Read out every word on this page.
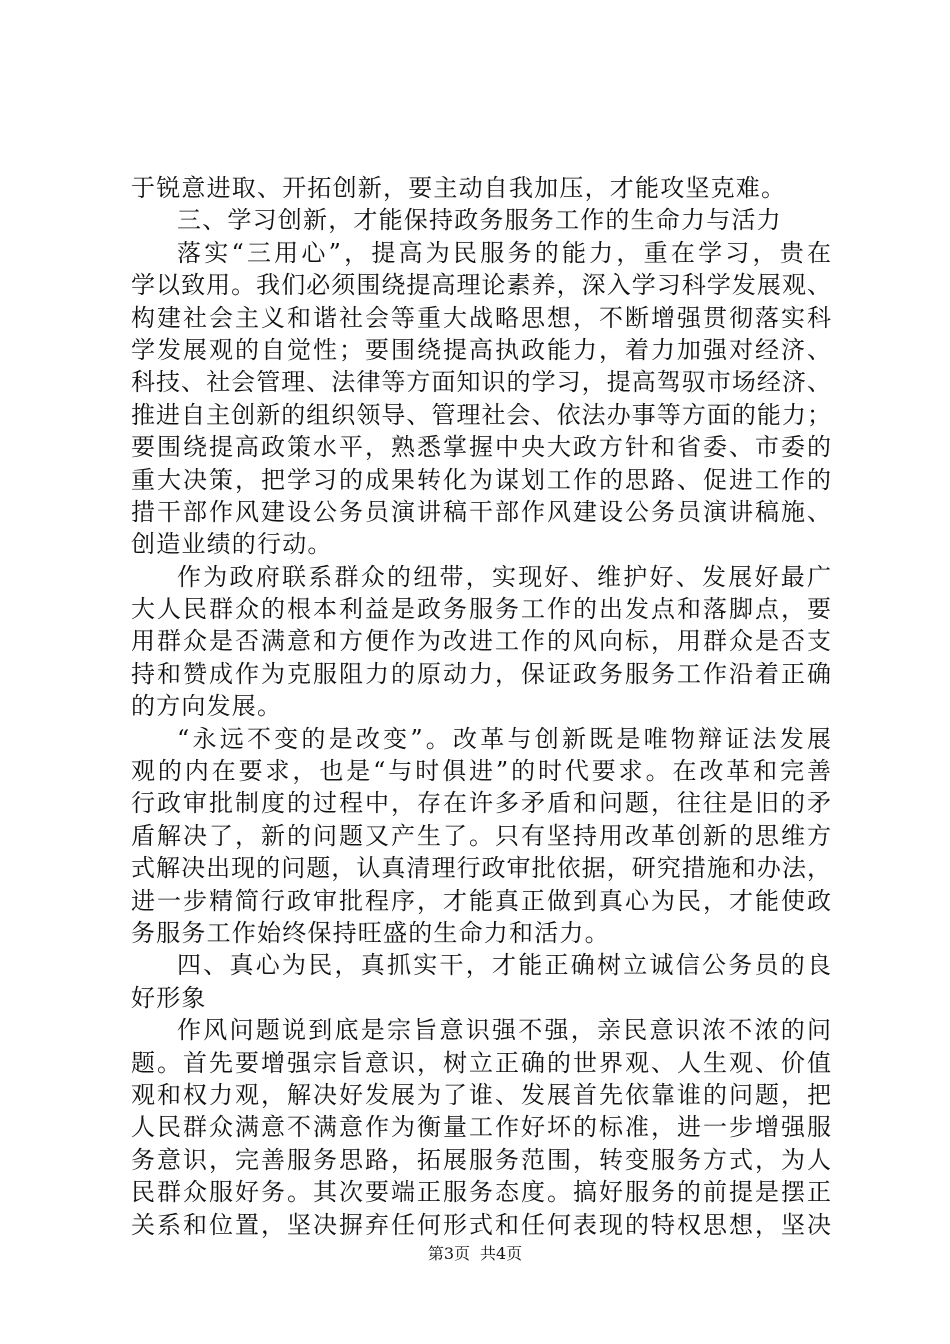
于锐意进取、开拓创新，要主动自我加压，才能攻坚克难。
三、学习创新，才能保持政务服务工作的生命力与活力
落实“三用心”，提高为民服务的能力，重在学习，贵在
学以致用。我们必须围绕提高理论素养，深入学习科学发展观、
构建社会主义和谐社会等重大战略思想，不断增强贯彻落实科
学发展观的自觉性；要围绕提高执政能力，着力加强对经济、
科技、社会管理、法律等方面知识的学习，提高驾驭市场经济、
推进自主创新的组织领导、管理社会、依法办事等方面的能力；
要围绕提高政策水平，熟悉掌握中央大政方针和省委、市委的
重大决策，把学习的成果转化为谋划工作的思路、促进工作的
措干部作风建设公务员演讲稿干部作风建设公务员演讲稿施、
创造业绩的行动。
作为政府联系群众的纽带，实现好、维护好、发展好最广
大人民群众的根本利益是政务服务工作的出发点和落脚点，要
用群众是否满意和方便作为改进工作的风向标，用群众是否支
持和赞成作为克服阻力的原动力，保证政务服务工作沿着正确
的方向发展。
“永远不变的是改变”。改革与创新既是唯物辩证法发展
观的内在要求，也是“与时俱进”的时代要求。在改革和完善
行政审批制度的过程中，存在许多矛盾和问题，往往是旧的矛
盾解决了，新的问题又产生了。只有坚持用改革创新的思维方
式解决出现的问题，认真清理行政审批依据，研究措施和办法，
进一步精简行政审批程序，才能真正做到真心为民，才能使政
务服务工作始终保持旺盛的生命力和活力。
四、真心为民，真抓实干，才能正确树立诚信公务员的良
好形象
作风问题说到底是宗旨意识强不强，亲民意识浓不浓的问
题。首先要增强宗旨意识，树立正确的世界观、人生观、价值
观和权力观，解决好发展为了谁、发展首先依靠谁的问题，把
人民群众满意不满意作为衡量工作好坏的标准，进一步增强服
务意识，完善服务思路，拓展服务范围，转变服务方式，为人
民群众服好务。其次要端正服务态度。搞好服务的前提是摆正
关系和位置，坚决摒弃任何形式和任何表现的特权思想，坚决
第3页 共4页
